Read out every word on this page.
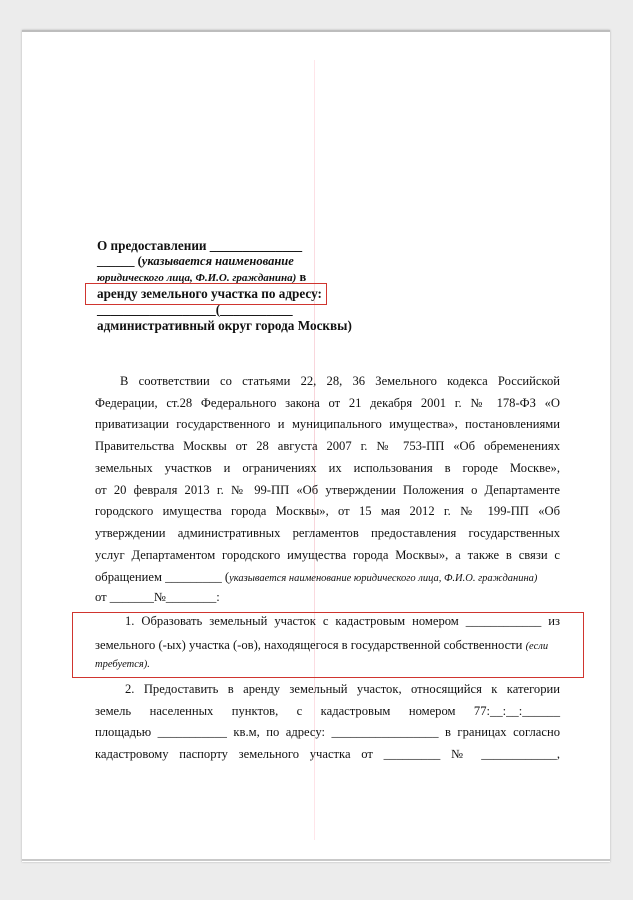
О предоставлении ______________
______ (указывается наименование
юридического лица, Ф.И.О. гражданина) в
аренду земельного участка по адресу:
__________________(___________
административный округ города Москвы)
В соответствии со статьями 22, 28, 36 Земельного кодекса Российской
Федерации, ст.28 Федерального закона от 21 декабря 2001 г. № 178-ФЗ «О
приватизации государственного и муниципального имущества», постановлениями
Правительства Москвы от 28 августа 2007 г. № 753-ПП «Об обременениях
земельных участков и ограничениях их использования в городе Москве»,
от 20 февраля 2013 г. № 99-ПП «Об утверждении Положения о Департаменте
городского имущества города Москвы», от 15 мая 2012 г. № 199-ПП «Об
утверждении административных регламентов предоставления государственных
услуг Департаментом городского имущества города Москвы», а также в связи с
обращением _________ (указывается наименование юридического лица, Ф.И.О. гражданина)
от _______№________:
1. Образовать земельный участок с кадастровым номером ____________ из
земельного (-ых) участка (-ов), находящегося в государственной собственности (если
требуется).
2. Предоставить в аренду земельный участок, относящийся к категории
земель населенных пунктов, с кадастровым номером 77:__:__:______
площадью ___________ кв.м, по адресу: _________________ в границах согласно
кадастровому паспорту земельного участка от _________ № ____________,
